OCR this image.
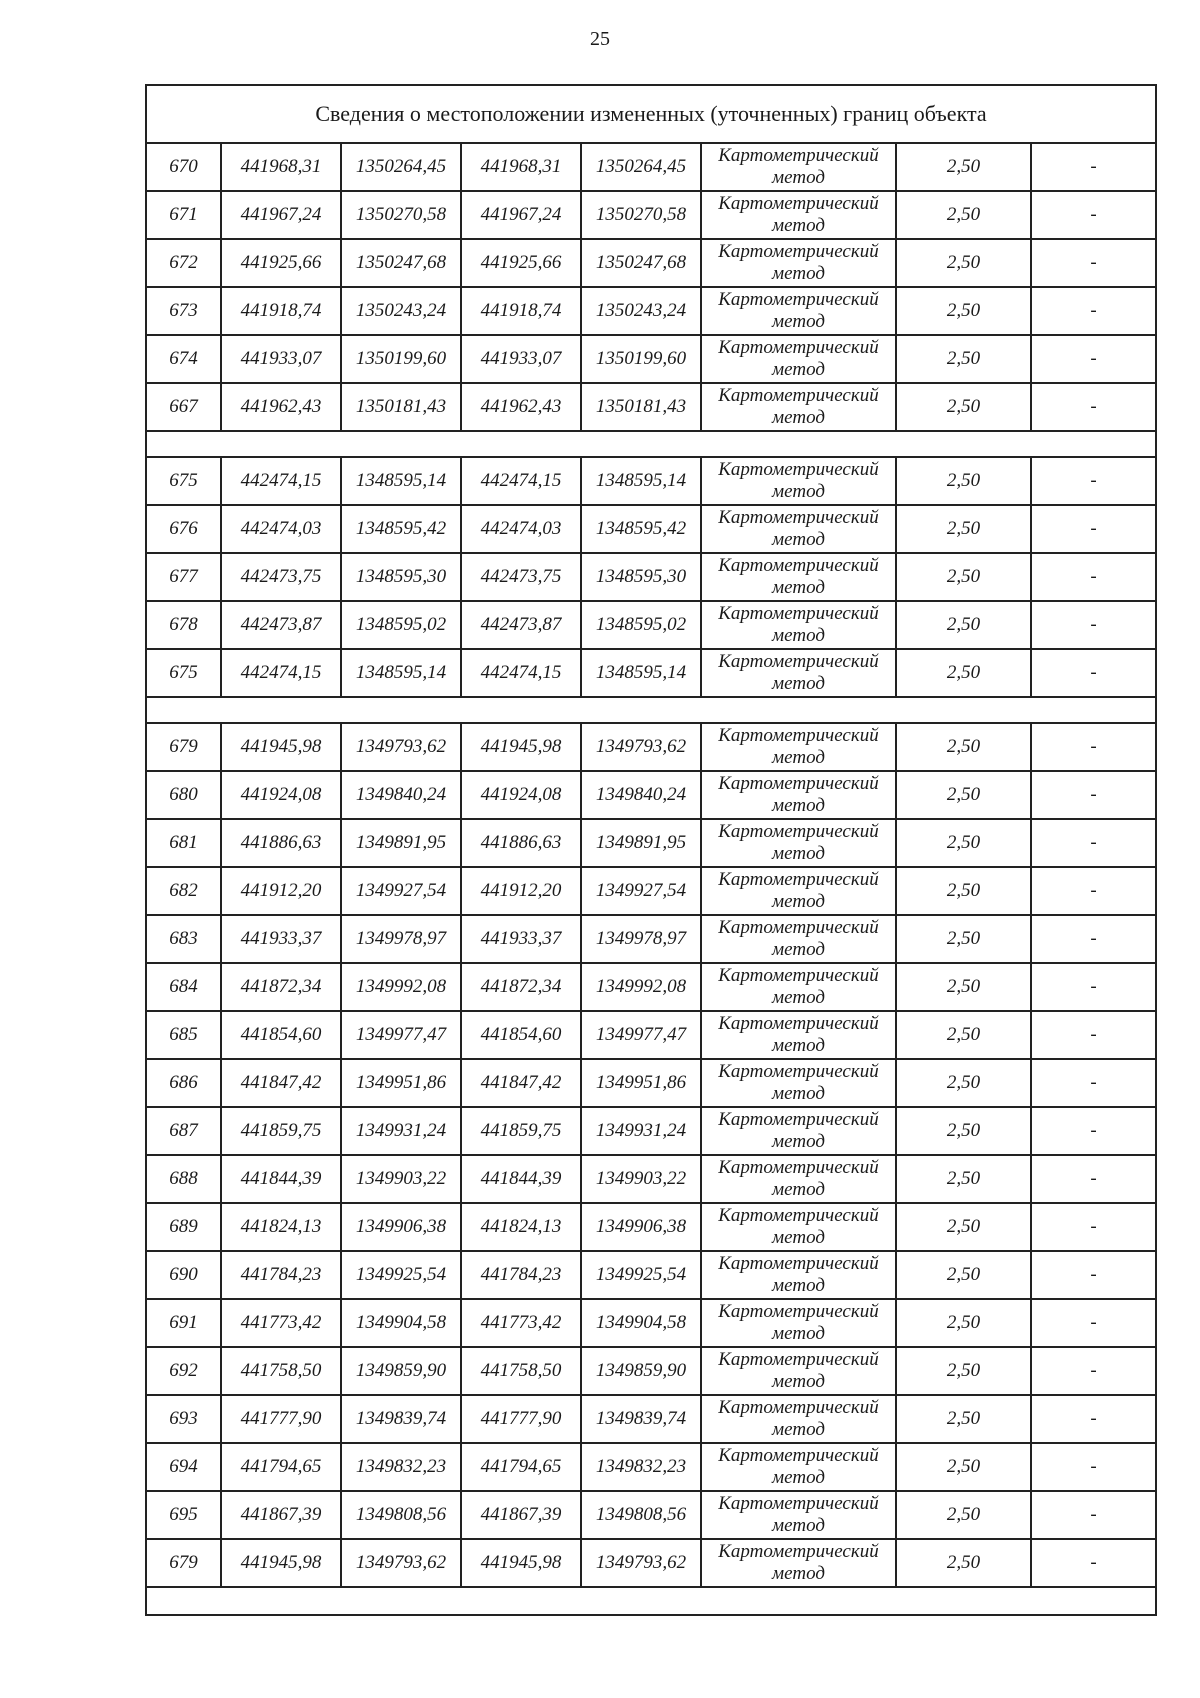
25
Сведения о местоположении измененных (уточненных) границ объекта							
670	441968,31	1350264,45	441968,31	1350264,45	Картометрический метод	2,50	-
671	441967,24	1350270,58	441967,24	1350270,58	Картометрический метод	2,50	-
672	441925,66	1350247,68	441925,66	1350247,68	Картометрический метод	2,50	-
673	441918,74	1350243,24	441918,74	1350243,24	Картометрический метод	2,50	-
674	441933,07	1350199,60	441933,07	1350199,60	Картометрический метод	2,50	-
667	441962,43	1350181,43	441962,43	1350181,43	Картометрический метод	2,50	-

675	442474,15	1348595,14	442474,15	1348595,14	Картометрический метод	2,50	-
676	442474,03	1348595,42	442474,03	1348595,42	Картометрический метод	2,50	-
677	442473,75	1348595,30	442473,75	1348595,30	Картометрический метод	2,50	-
678	442473,87	1348595,02	442473,87	1348595,02	Картометрический метод	2,50	-
675	442474,15	1348595,14	442474,15	1348595,14	Картометрический метод	2,50	-

679	441945,98	1349793,62	441945,98	1349793,62	Картометрический метод	2,50	-
680	441924,08	1349840,24	441924,08	1349840,24	Картометрический метод	2,50	-
681	441886,63	1349891,95	441886,63	1349891,95	Картометрический метод	2,50	-
682	441912,20	1349927,54	441912,20	1349927,54	Картометрический метод	2,50	-
683	441933,37	1349978,97	441933,37	1349978,97	Картометрический метод	2,50	-
684	441872,34	1349992,08	441872,34	1349992,08	Картометрический метод	2,50	-
685	441854,60	1349977,47	441854,60	1349977,47	Картометрический метод	2,50	-
686	441847,42	1349951,86	441847,42	1349951,86	Картометрический метод	2,50	-
687	441859,75	1349931,24	441859,75	1349931,24	Картометрический метод	2,50	-
688	441844,39	1349903,22	441844,39	1349903,22	Картометрический метод	2,50	-
689	441824,13	1349906,38	441824,13	1349906,38	Картометрический метод	2,50	-
690	441784,23	1349925,54	441784,23	1349925,54	Картометрический метод	2,50	-
691	441773,42	1349904,58	441773,42	1349904,58	Картометрический метод	2,50	-
692	441758,50	1349859,90	441758,50	1349859,90	Картометрический метод	2,50	-
693	441777,90	1349839,74	441777,90	1349839,74	Картометрический метод	2,50	-
694	441794,65	1349832,23	441794,65	1349832,23	Картометрический метод	2,50	-
695	441867,39	1349808,56	441867,39	1349808,56	Картометрический метод	2,50	-
679	441945,98	1349793,62	441945,98	1349793,62	Картометрический метод	2,50	-
